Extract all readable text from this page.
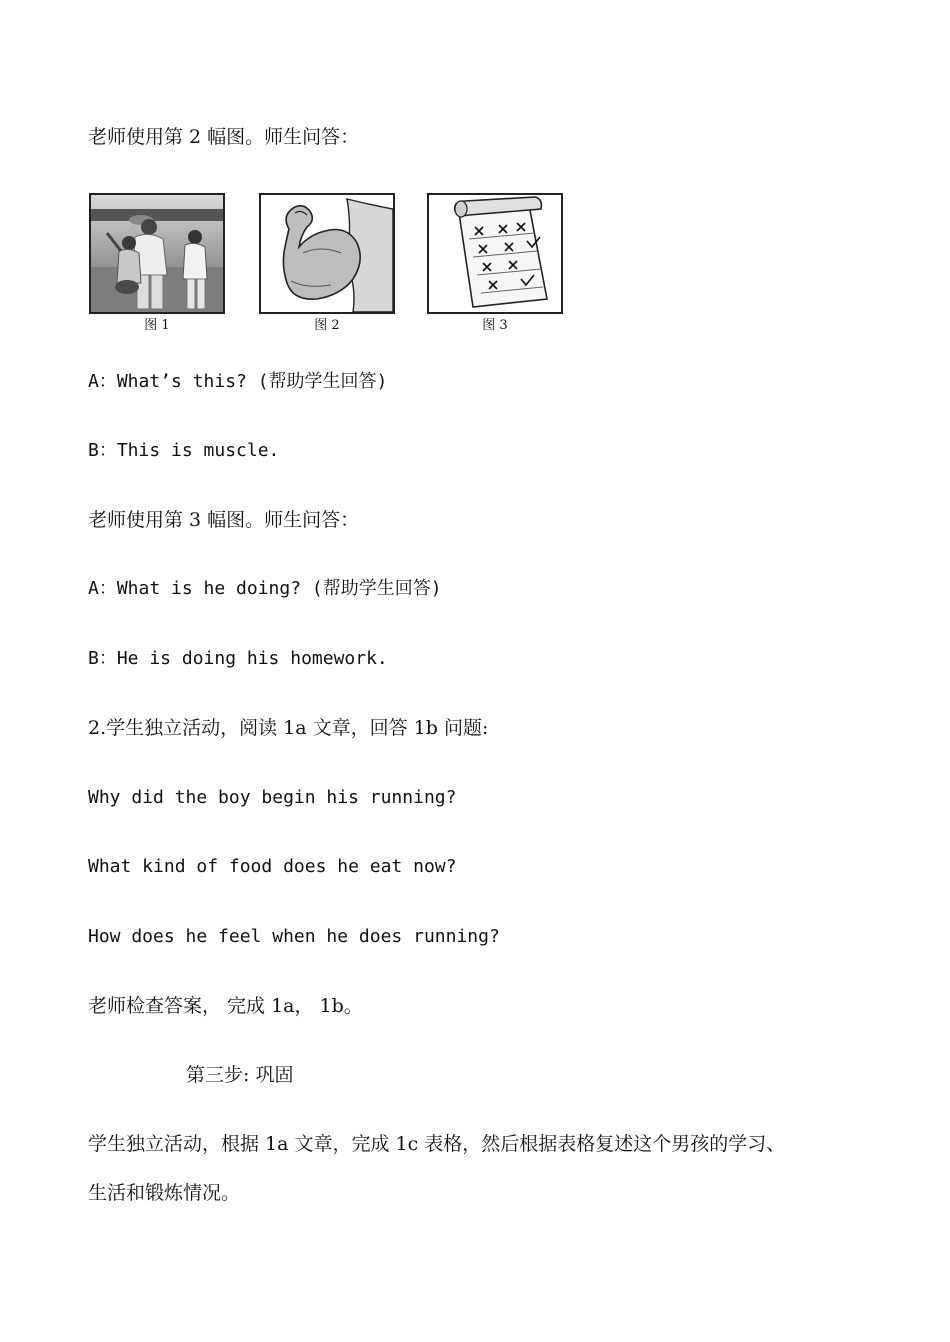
老师使用第 2 幅图。师生问答：
图 1	图 2	图 3
A：What’s this? (帮助学生回答)
B：This is muscle.
老师使用第 3 幅图。师生问答：
A：What is he doing? (帮助学生回答)
B：He is doing his homework.
2.学生独立活动，阅读 1a 文章，回答 1b 问题:
Why did the boy begin his running?
What kind of food does he eat now?
How does he feel when he does running?
老师检查答案， 完成 1a， 1b。
第三步: 巩固
学生独立活动，根据 1a 文章，完成 1c 表格，然后根据表格复述这个男孩的学习、
生活和锻炼情况。
